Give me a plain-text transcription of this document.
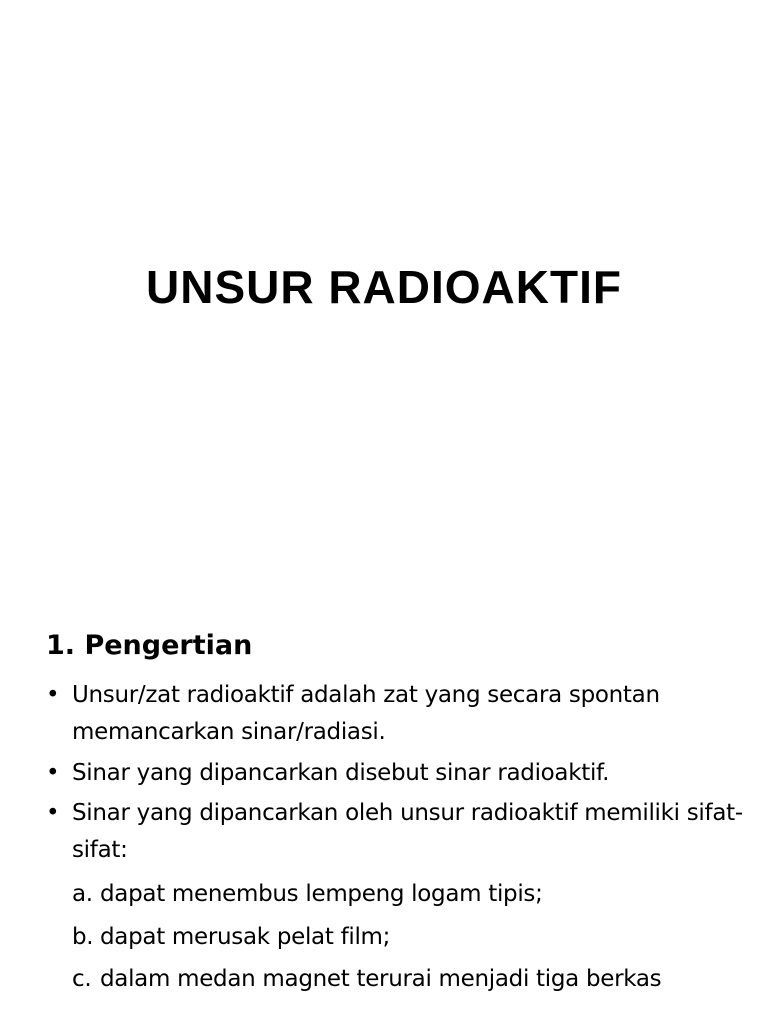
UNSUR RADIOAKTIF
1. Pengertian
• Unsur/zat radioaktif adalah zat yang secara spontan memancarkan sinar/radiasi.
• Sinar yang dipancarkan disebut sinar radioaktif.
• Sinar yang dipancarkan oleh unsur radioaktif memiliki sifat-sifat:
a. dapat menembus lempeng logam tipis;
b. dapat merusak pelat film;
c. dalam medan magnet terurai menjadi tiga berkas
